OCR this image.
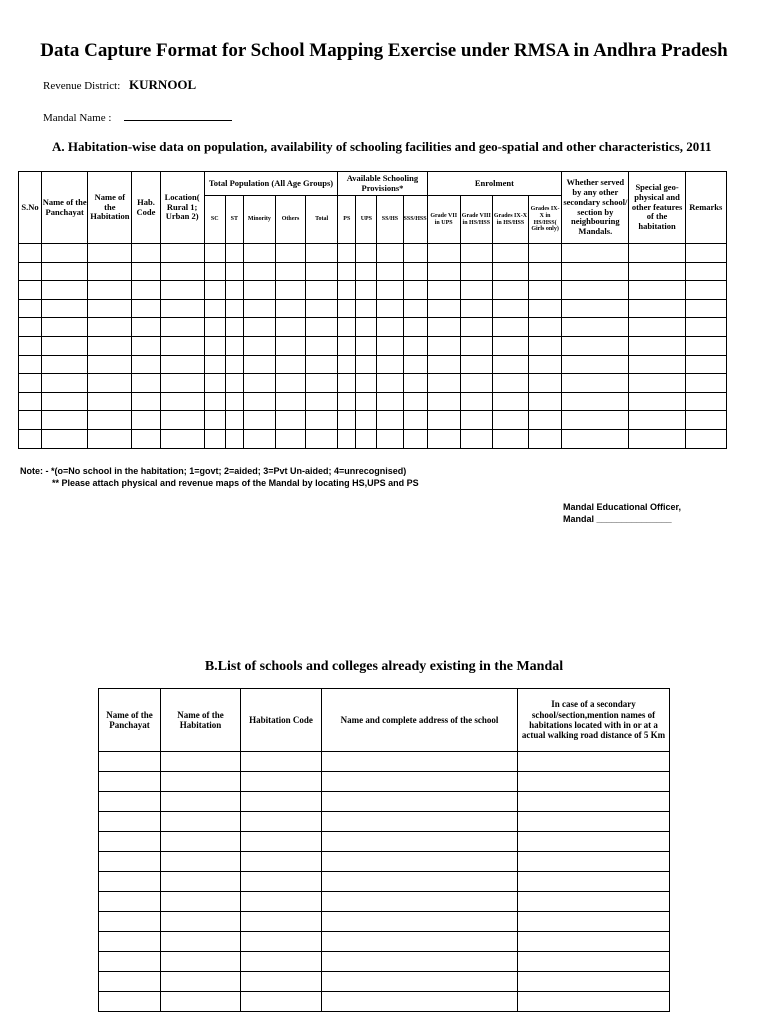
Data Capture Format for School Mapping Exercise under RMSA in Andhra Pradesh
Revenue District: KURNOOL
Mandal Name :
A. Habitation-wise data on population, availability of schooling facilities and geo-spatial and other characteristics, 2011
S.No	Name of the Panchayat	Name of the Habitation	Hab. Code	Location( Rural 1; Urban 2)	Total Population (All Age Groups)					Available Schooling Provisions*				Enrolment				Whether served by any other secondary school/ section by neighbouring Mandals.	Special geo-physical and other features of the habitation	Remarks
					SC	ST	Minority	Others	Total	PS	UPS	SS/HS	SSS/HSS	Grade VII in UPS	Grade VIII in HS/HSS	Grades IX-X in HS/HSS	Grades IX-X in HS/HSS( Girls only)			

Note: - *(o=No school in the habitation; 1=govt; 2=aided; 3=Pvt Un-aided; 4=unrecognised)
** Please attach physical and revenue maps of the Mandal by locating HS,UPS and PS
Mandal Educational Officer,
Mandal _______________
B.List of schools and colleges already existing in the Mandal
Name of the Panchayat	Name of the Habitation	Habitation Code	Name and complete address of the school	In case of a secondary school/section,mention names of habitations located with in or at a actual walking road distance of 5 Km
